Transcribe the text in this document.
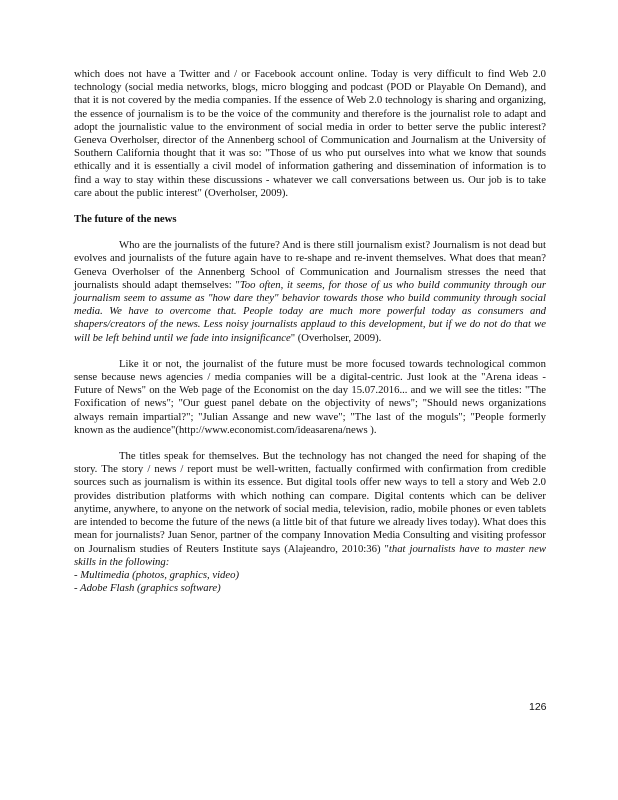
which does not have a Twitter and / or Facebook account online. Today is very difficult to find Web 2.0 technology (social media networks, blogs, micro blogging and podcast (POD or Playable On Demand), and that it is not covered by the media companies. If the essence of Web 2.0 technology is sharing and organizing, the essence of journalism is to be the voice of the community and therefore is the journalist role to adapt and adopt the journalistic value to the environment of social media in order to better serve the public interest? Geneva Overholser, director of the Annenberg school of Communication and Journalism at the University of Southern California thought that it was so: "Those of us who put ourselves into what we know that sounds ethically and it is essentially a civil model of information gathering and dissemination of information is to find a way to stay within these discussions - whatever we call conversations between us. Our job is to take care about the public interest" (Overholser, 2009).

The future of the news

Who are the journalists of the future? And is there still journalism exist? Journalism is not dead but evolves and journalists of the future again have to re-shape and re-invent themselves. What does that mean? Geneva Overholser of the Annenberg School of Communication and Journalism stresses the need that journalists should adapt themselves: "Too often, it seems, for those of us who build community through our journalism seem to assume as "how dare they" behavior towards those who build community through social media. We have to overcome that. People today are much more powerful today as consumers and shapers/creators of the news. Less noisy journalists applaud to this development, but if we do not do that we will be left behind until we fade into insignificance" (Overholser, 2009).

Like it or not, the journalist of the future must be more focused towards technological common sense because news agencies / media companies will be a digital-centric. Just look at the "Arena ideas - Future of News" on the Web page of the Economist on the day 15.07.2016... and we will see the titles: "The Foxification of news"; "Our guest panel debate on the objectivity of news"; "Should news organizations always remain impartial?"; "Julian Assange and new wave"; "The last of the moguls"; "People formerly known as the audience"(http://www.economist.com/ideasarena/news ).

The titles speak for themselves. But the technology has not changed the need for shaping of the story. The story / news / report must be well-written, factually confirmed with confirmation from credible sources such as journalism is within its essence. But digital tools offer new ways to tell a story and Web 2.0 provides distribution platforms with which nothing can compare. Digital contents which can be deliver anytime, anywhere, to anyone on the network of social media, television, radio, mobile phones or even tablets are intended to become the future of the news (a little bit of that future we already lives today). What does this mean for journalists? Juan Senor, partner of the company Innovation Media Consulting and visiting professor on Journalism studies of Reuters Institute says (Alajeandro, 2010:36) "that journalists have to master new skills in the following:

- Multimedia (photos, graphics, video)

- Adobe Flash (graphics software)

126
